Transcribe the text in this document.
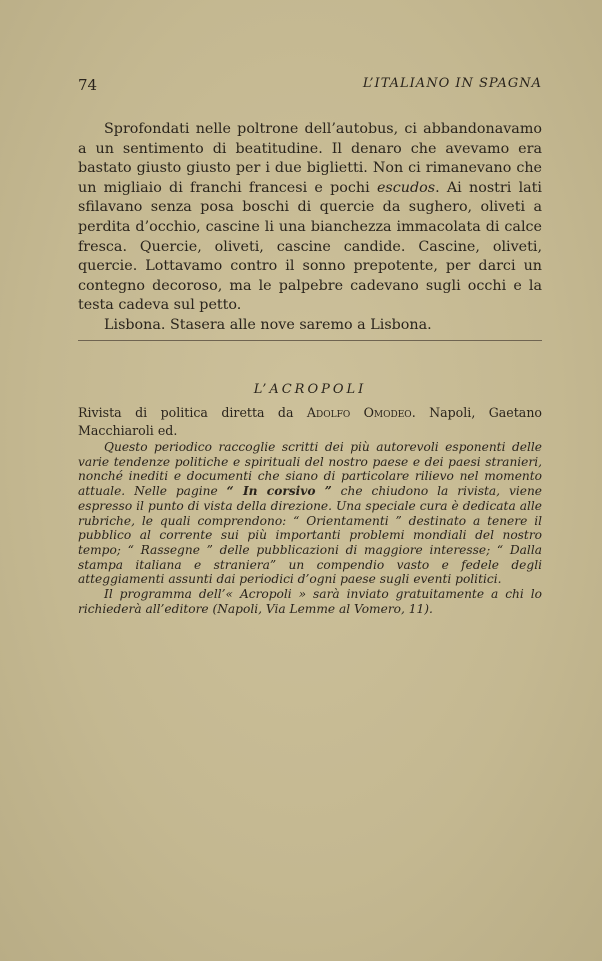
74	L’ITALIANO IN SPAGNA

Sprofondati nelle poltrone dell’autobus, ci abbandonavamo a un sentimento di beatitudine. Il denaro che avevamo era bastato giusto giusto per i due biglietti. Non ci rimanevano che un migliaio di franchi francesi e pochi escudos. Ai nostri lati sfilavano senza posa boschi di quercie da sughero, oliveti a perdita d’occhio, cascine li una bianchezza immacolata di calce fresca. Quercie, oliveti, cascine candide. Cascine, oliveti, quercie. Lottavamo contro il sonno prepotente, per darci un contegno decoroso, ma le palpebre cadevano sugli occhi e la testa cadeva sul petto.

Lisbona. Stasera alle nove saremo a Lisbona.

L’ACROPOLI
Rivista di politica diretta da Adolfo Omodeo. Napoli, Gaetano Macchiaroli ed.

Questo periodico raccoglie scritti dei più autorevoli esponenti delle varie tendenze politiche e spirituali del nostro paese e dei paesi stranieri, nonché inediti e documenti che siano di particolare rilievo nel momento attuale. Nelle pagine “ In corsivo ” che chiudono la rivista, viene espresso il punto di vista della direzione. Una speciale cura è dedicata alle rubriche, le quali comprendono: “ Orientamenti ” destinato a tenere il pubblico al corrente sui più importanti problemi mondiali del nostro tempo; “ Rassegne ” delle pubblicazioni di maggiore interesse; “ Dalla stampa italiana e straniera” un compendio vasto e fedele degli atteggiamenti assunti dai periodici d’ogni paese sugli eventi politici.

Il programma dell’« Acropoli » sarà inviato gratuitamente a chi lo richiederà all’editore (Napoli, Via Lemme al Vomero, 11).
